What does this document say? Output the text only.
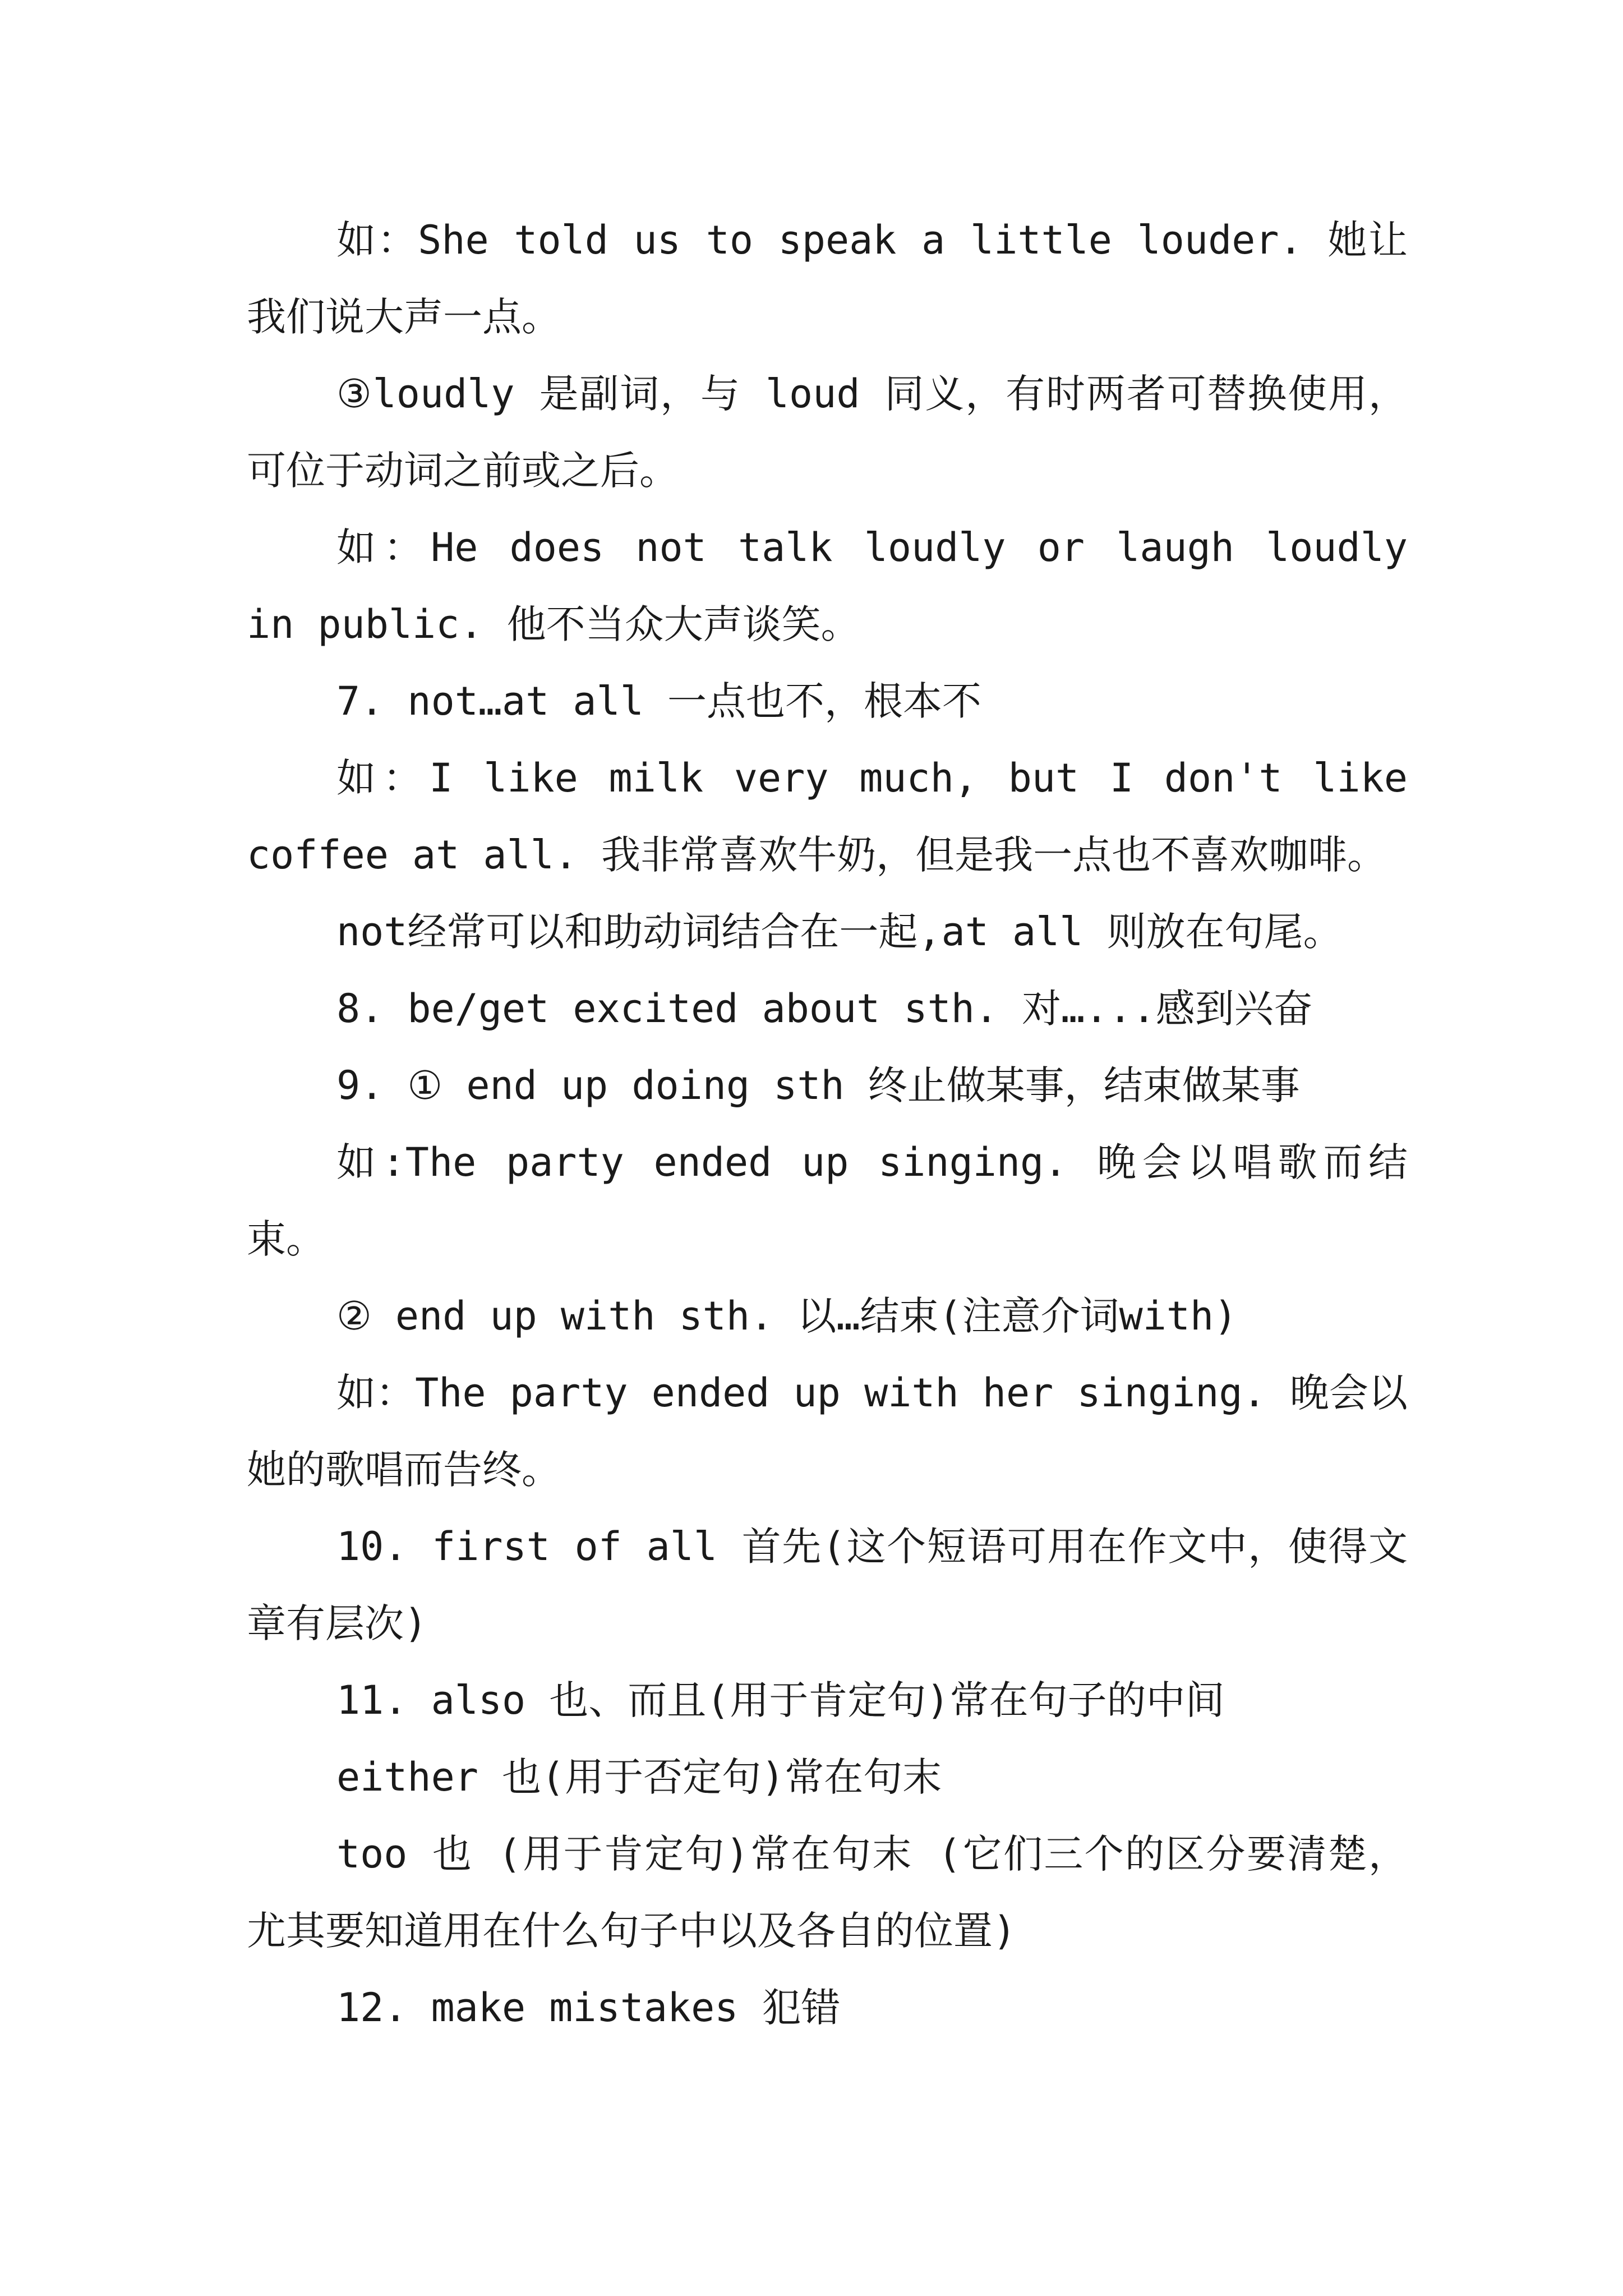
如：She told us to speak a little louder. 她让我们说大声一点。

③loudly 是副词，与 loud 同义，有时两者可替换使用，可位于动词之前或之后。

如：He does not talk loudly or laugh loudly in public. 他不当众大声谈笑。

7. not…at all 一点也不，根本不

如：I like milk very much, but I don't like coffee at all. 我非常喜欢牛奶，但是我一点也不喜欢咖啡。

not经常可以和助动词结合在一起,at all 则放在句尾。

8. be/get excited about sth. 对…...感到兴奋

9. ① end up doing sth 终止做某事，结束做某事

如:The party ended up singing. 晚会以唱歌而结束。

② end up with sth. 以…结束(注意介词with)

如：The party ended up with her singing. 晚会以她的歌唱而告终。

10. first of all 首先(这个短语可用在作文中，使得文章有层次)

11. also 也、而且(用于肯定句)常在句子的中间

either 也(用于否定句)常在句末

too 也 (用于肯定句)常在句末 (它们三个的区分要清楚，尤其要知道用在什么句子中以及各自的位置)

12. make mistakes 犯错
